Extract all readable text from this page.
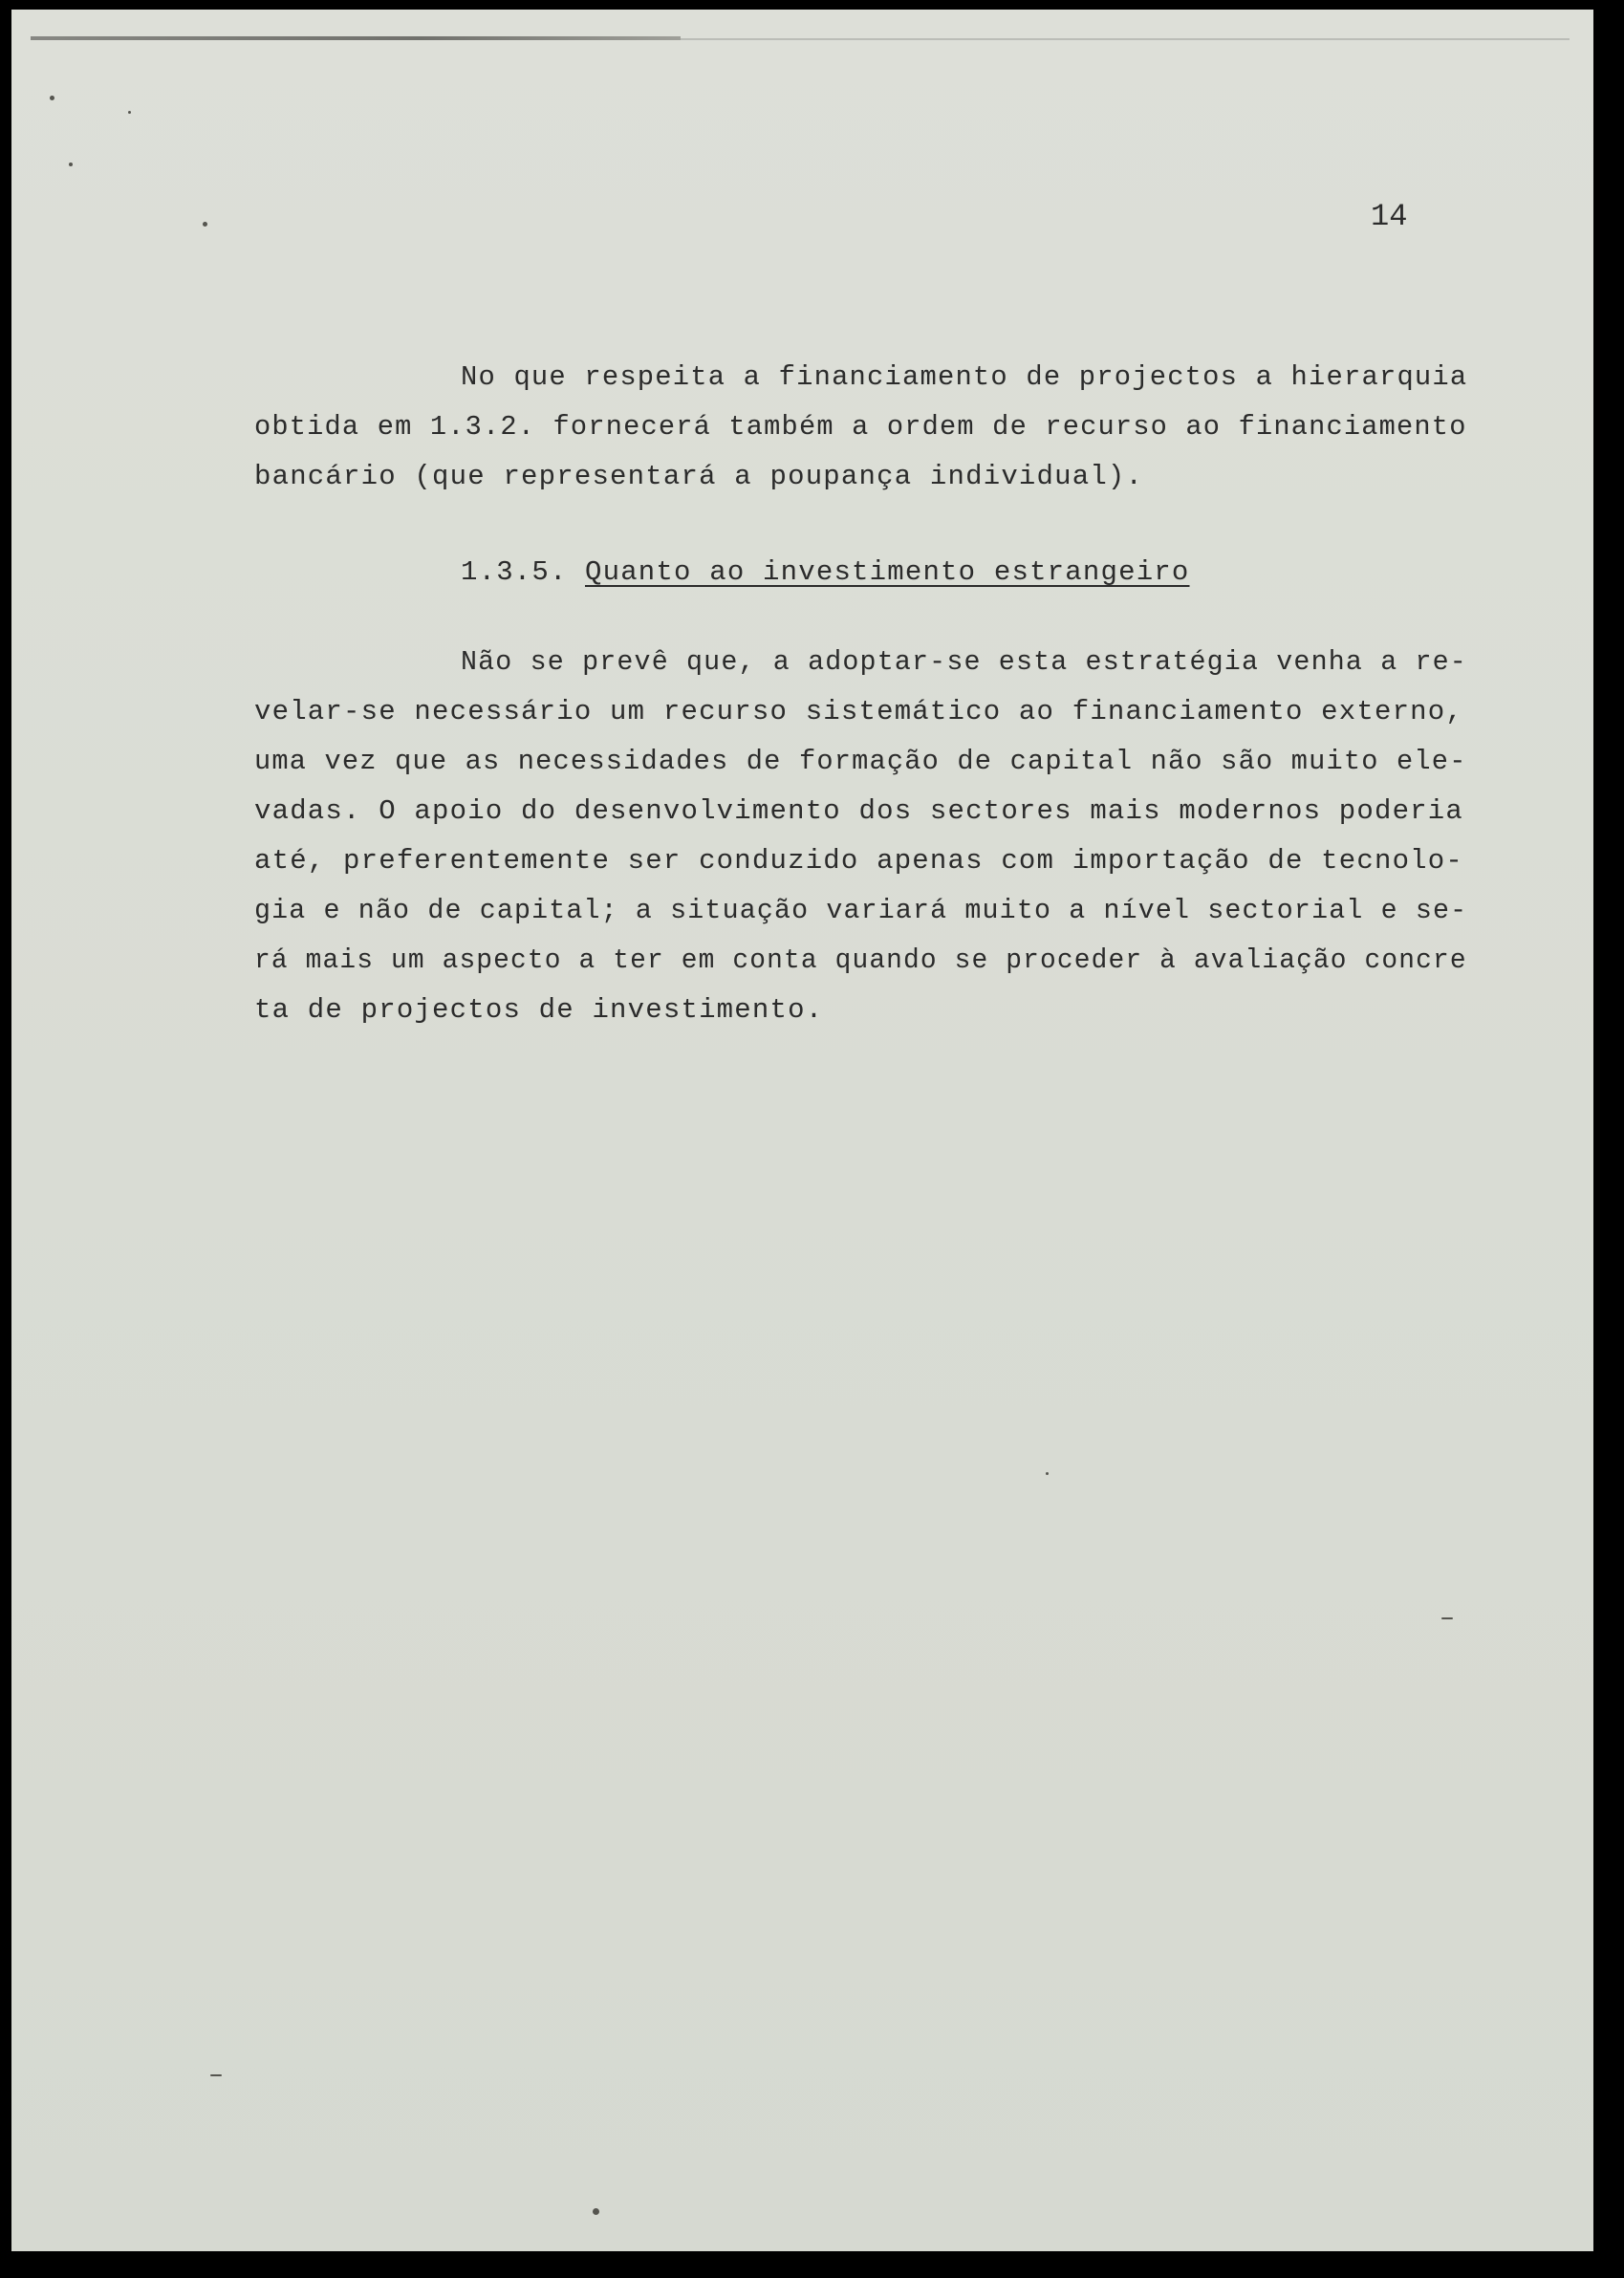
14
No que respeita a financiamento de projectos a hierarquia
obtida em 1.3.2. fornecerá também a ordem de recurso ao financiamento
bancário (que representará a poupança individual).
1.3.5. Quanto ao investimento estrangeiro
Não se prevê que, a adoptar-se esta estratégia venha a re-
velar-se necessário um recurso sistemático ao financiamento externo,
uma vez que as necessidades de formação de capital não são muito ele-
vadas. O apoio do desenvolvimento dos sectores mais modernos poderia
até, preferentemente ser conduzido apenas com importação de tecnolo-
gia e não de capital; a situação variará muito a nível sectorial e se-
rá mais um aspecto a ter em conta quando se proceder à avaliação concre
ta de projectos de investimento.
